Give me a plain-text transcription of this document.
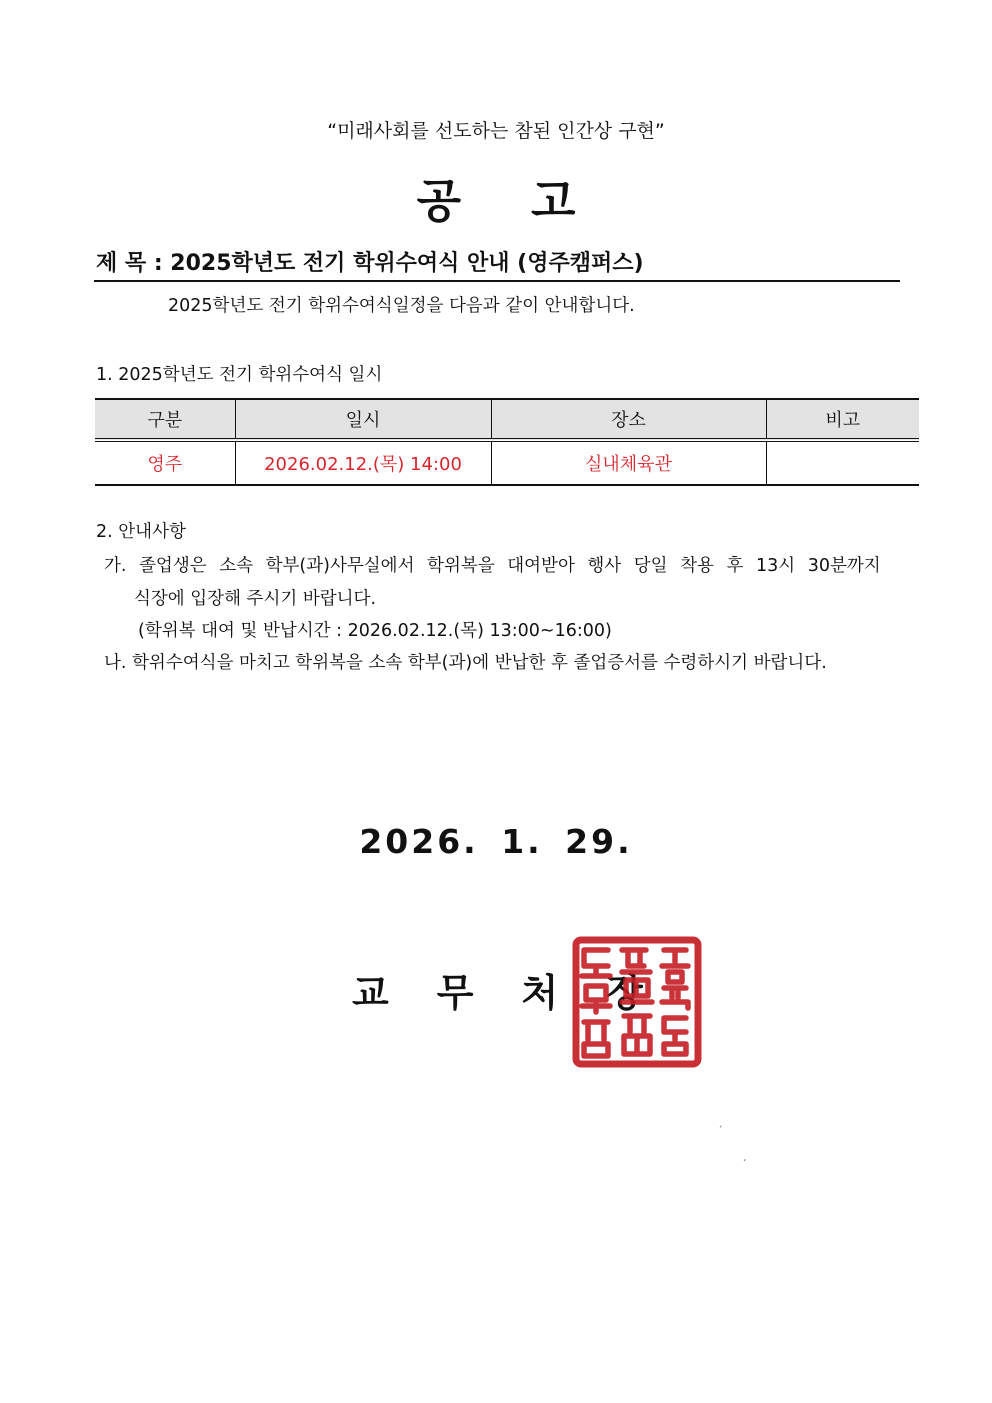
“미래사회를 선도하는 참된 인간상 구현”
공고
제 목 : 2025학년도 전기 학위수여식 안내 (영주캠퍼스)
2025학년도 전기 학위수여식일정을 다음과 같이 안내합니다.
1. 2025학년도 전기 학위수여식 일시
구분	일시	장소	비고
영주	2026.02.12.(목) 14:00	실내체육관	
2. 안내사항
가. 졸업생은 소속 학부(과)사무실에서 학위복을 대여받아 행사 당일 착용 후 13시 30분까지
식장에 입장해 주시기 바랍니다.
(학위복 대여 및 반납시간 : 2026.02.12.(목) 13:00~16:00)
나. 학위수여식을 마치고 학위복을 소속 학부(과)에 반납한 후 졸업증서를 수령하시기 바랍니다.
2026. 1. 29.
교무처장
ˊ
ˏ
